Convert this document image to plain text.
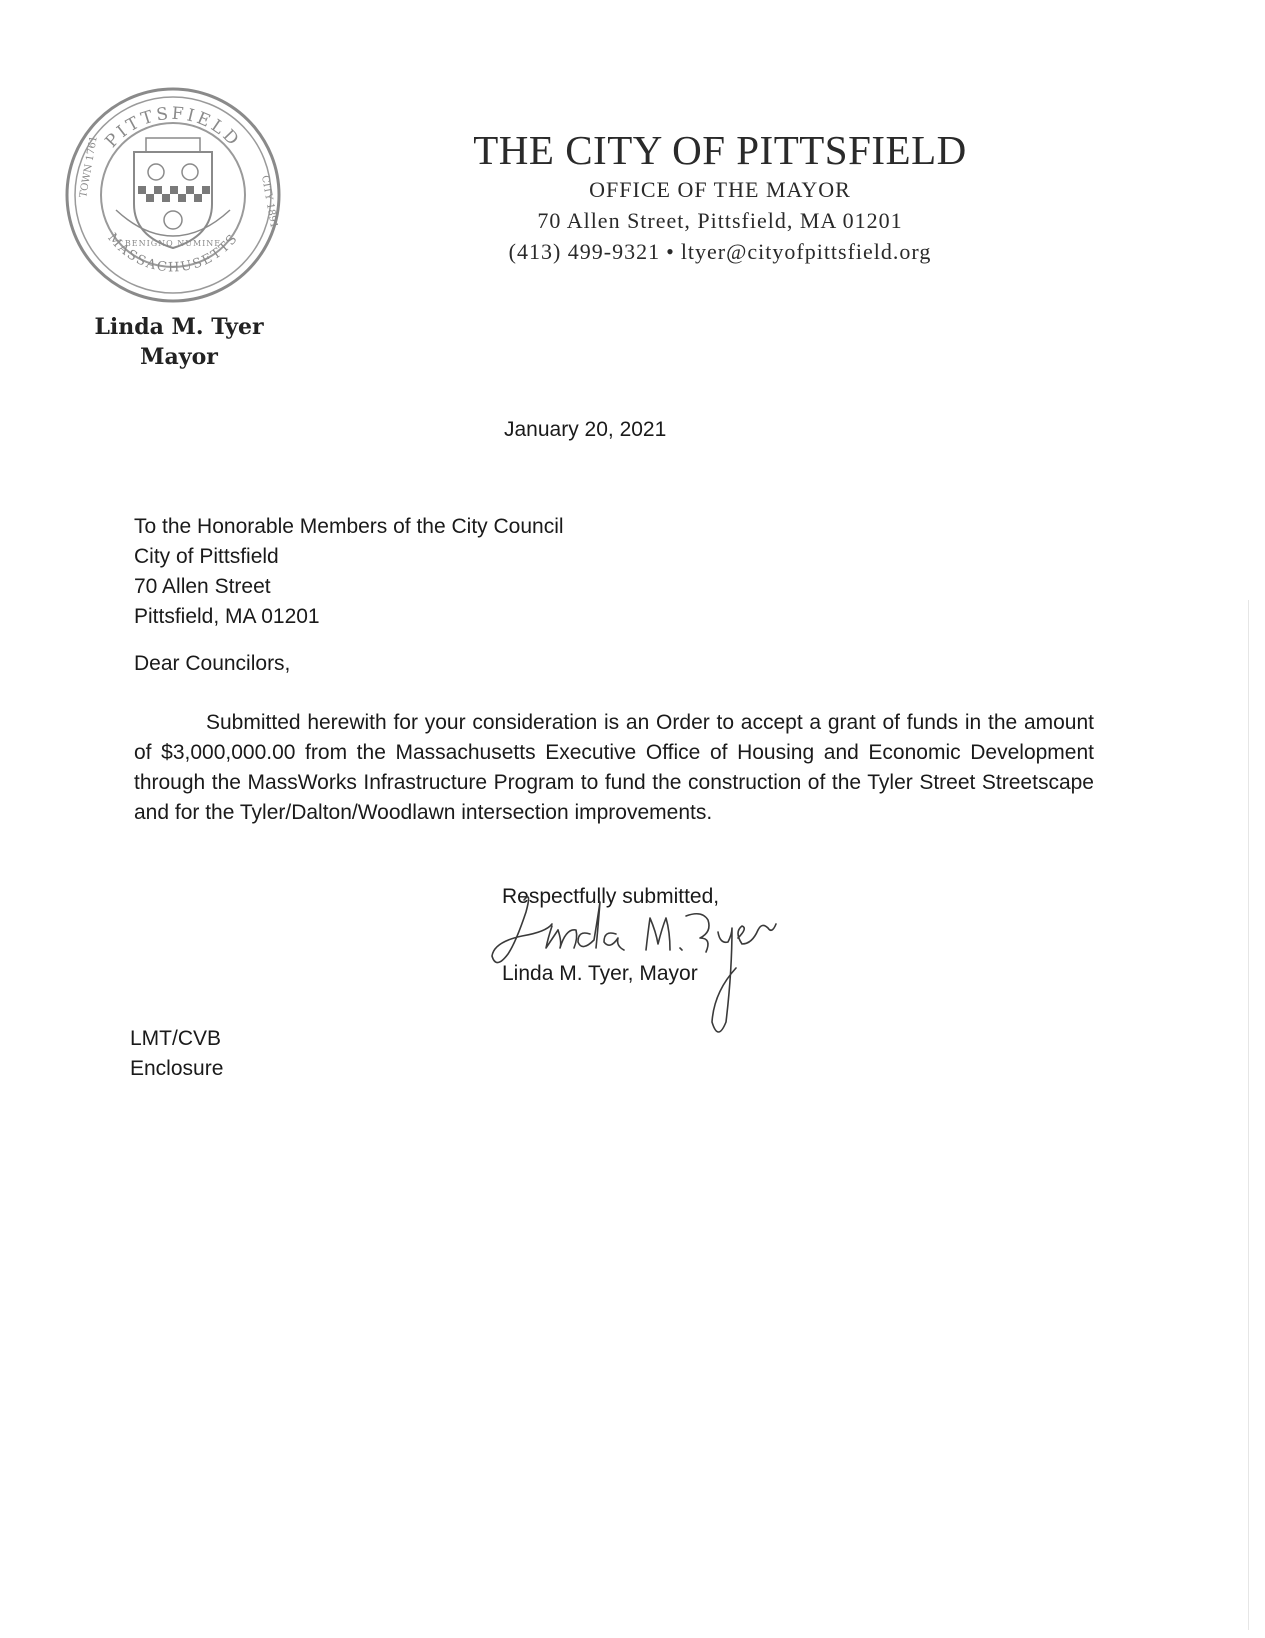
PITTSFIELD
MASSACHUSETTS
TOWN 1761
CITY 1891
BENIGNO NUMINE
Linda M. Tyer
Mayor
THE CITY OF PITTSFIELD
OFFICE OF THE MAYOR
70 Allen Street, Pittsfield, MA 01201
(413) 499-9321 • ltyer@cityofpittsfield.org
January 20, 2021
To the Honorable Members of the City Council
City of Pittsfield
70 Allen Street
Pittsfield, MA 01201
Dear Councilors,
Submitted herewith for your consideration is an Order to accept a grant of funds in the amount of $3,000,000.00 from the Massachusetts Executive Office of Housing and Economic Development through the MassWorks Infrastructure Program to fund the construction of the Tyler Street Streetscape and for the Tyler/Dalton/Woodlawn intersection improvements.
Respectfully submitted,
Linda M. Tyer, Mayor
LMT/CVB
Enclosure
